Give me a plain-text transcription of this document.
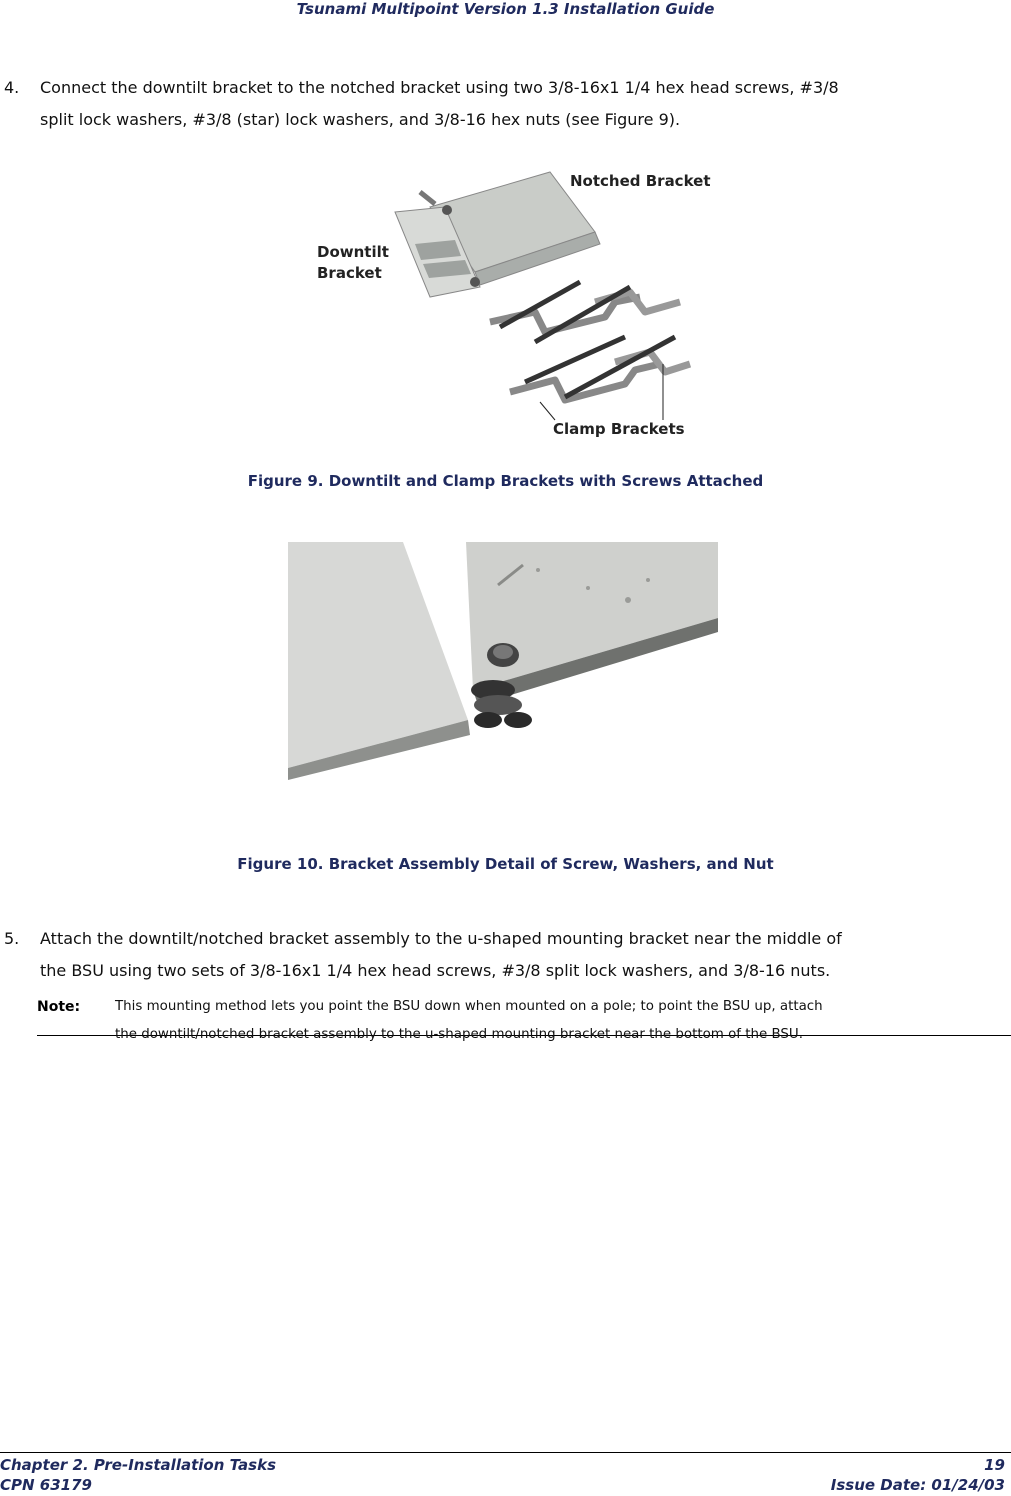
Tsunami Multipoint Version 1.3 Installation Guide
4. Connect the downtilt bracket to the notched bracket using two 3/8-16x1 1/4 hex head screws, #3/8
split lock washers, #3/8 (star) lock washers, and 3/8-16 hex nuts (see Figure 9).
Notched Bracket
Downtilt
Bracket
Clamp Brackets
Figure 9. Downtilt and Clamp Brackets with Screws Attached
Figure 10. Bracket Assembly Detail of Screw, Washers, and Nut
5. Attach the downtilt/notched bracket assembly to the u-shaped mounting bracket near the middle of
the BSU using two sets of 3/8-16x1 1/4 hex head screws, #3/8 split lock washers, and 3/8-16 nuts.
Note:	This mounting method lets you point the BSU down when mounted on a pole; to point the BSU up, attach
the downtilt/notched bracket assembly to the u-shaped mounting bracket near the bottom of the BSU.
Chapter 2. Pre-Installation Tasks	19
CPN 63179	Issue Date: 01/24/03
